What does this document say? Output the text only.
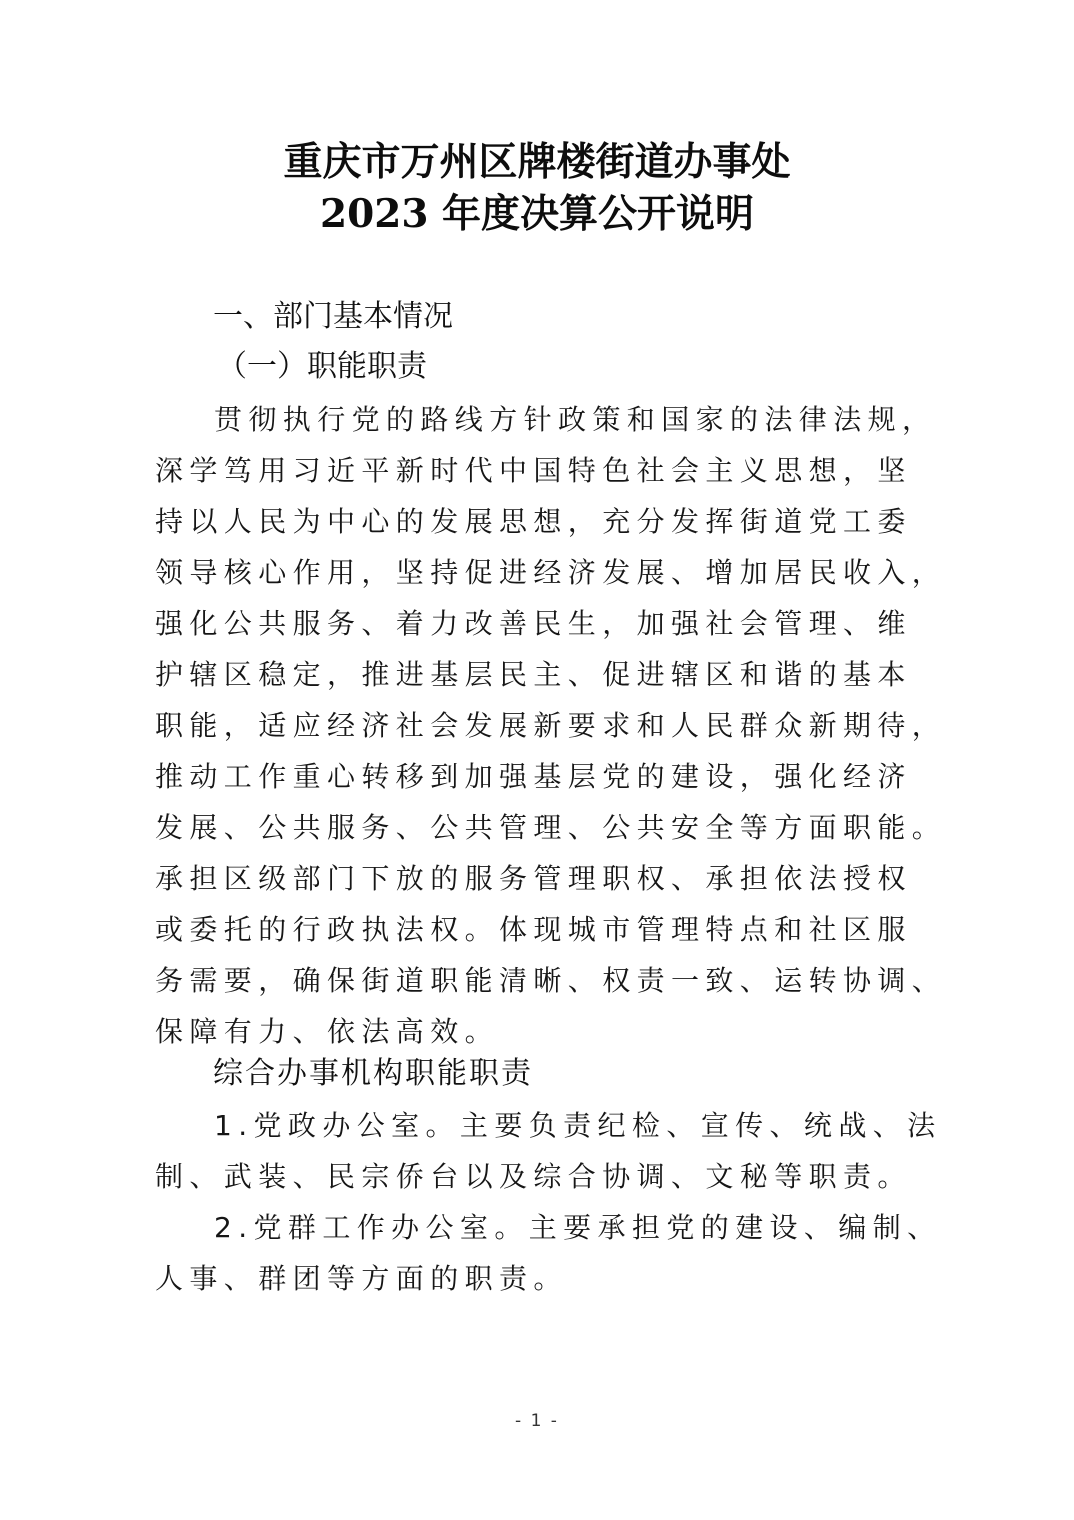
重庆市万州区牌楼街道办事处
2023 年度决算公开说明
一、部门基本情况
（一）职能职责
贯彻执行党的路线方针政策和国家的法律法规，
深学笃用习近平新时代中国特色社会主义思想，坚
持以人民为中心的发展思想，充分发挥街道党工委
领导核心作用，坚持促进经济发展、增加居民收入，
强化公共服务、着力改善民生，加强社会管理、维
护辖区稳定，推进基层民主、促进辖区和谐的基本
职能，适应经济社会发展新要求和人民群众新期待，
推动工作重心转移到加强基层党的建设，强化经济
发展、公共服务、公共管理、公共安全等方面职能。
承担区级部门下放的服务管理职权、承担依法授权
或委托的行政执法权。体现城市管理特点和社区服
务需要，确保街道职能清晰、权责一致、运转协调、
保障有力、依法高效。
综合办事机构职能职责
1.党政办公室。主要负责纪检、宣传、统战、法
制、武装、民宗侨台以及综合协调、文秘等职责。
2.党群工作办公室。主要承担党的建设、编制、
人事、群团等方面的职责。
- 1 -
